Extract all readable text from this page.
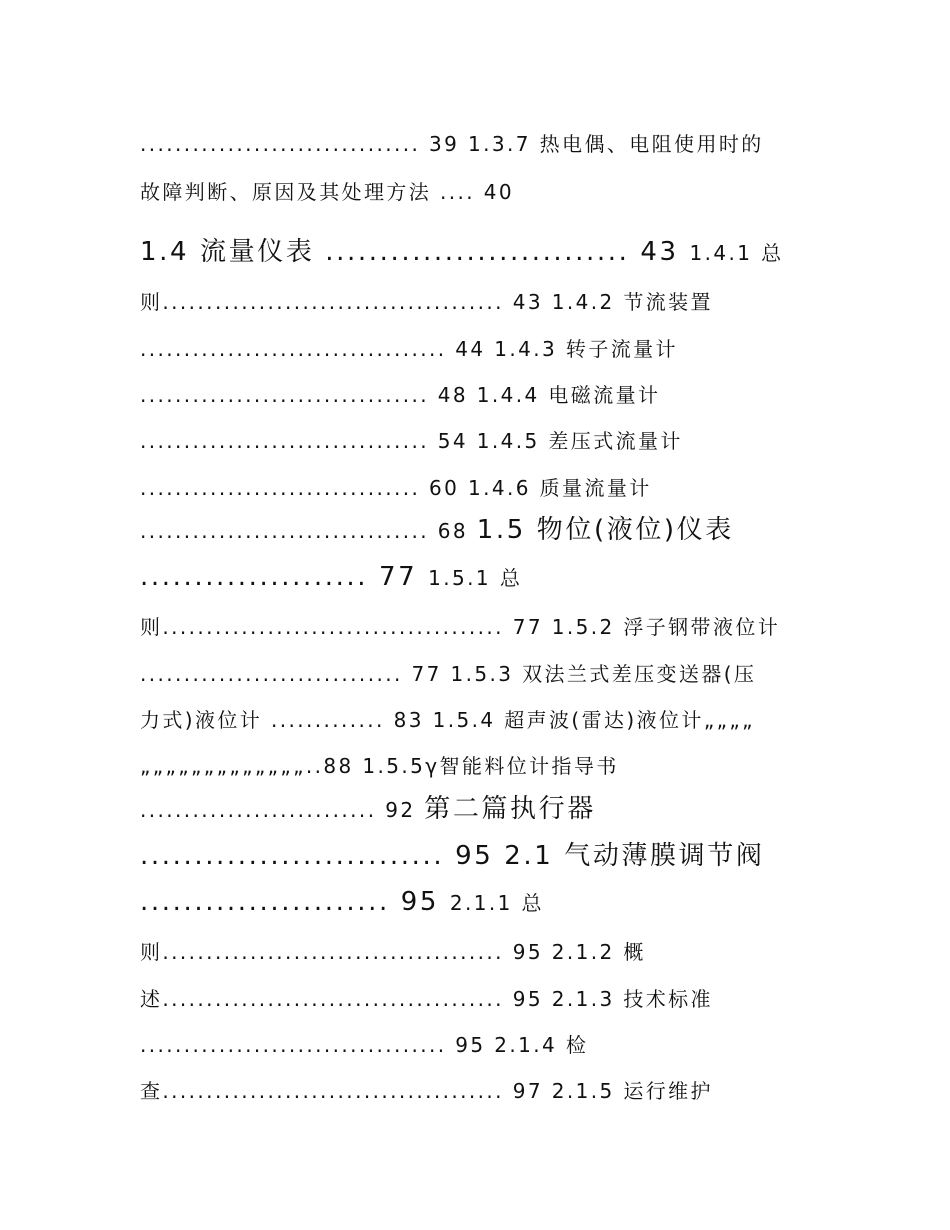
................................ 39 1.3.7 热电偶、电阻使用时的
故障判断、原因及其处理方法 .... 40
1.4 流量仪表 ............................ 43 1.4.1 总
则....................................... 43 1.4.2 节流装置
................................... 44 1.4.3 转子流量计
................................. 48 1.4.4 电磁流量计
................................. 54 1.4.5 差压式流量计
................................ 60 1.4.6 质量流量计
................................. 68 1.5 物位(液位)仪表
..................... 77 1.5.1 总
则....................................... 77 1.5.2 浮子钢带液位计
.............................. 77 1.5.3 双法兰式差压变送器(压
力式)液位计 ............. 83 1.5.4 超声波(雷达)液位计„„„„
„„„„„„„„„„„„„..88 1.5.5γ智能料位计指导书
........................... 92 第二篇执行器
............................ 95 2.1 气动薄膜调节阀
....................... 95 2.1.1 总
则....................................... 95 2.1.2 概
述....................................... 95 2.1.3 技术标准
................................... 95 2.1.4 检
查....................................... 97 2.1.5 运行维护
